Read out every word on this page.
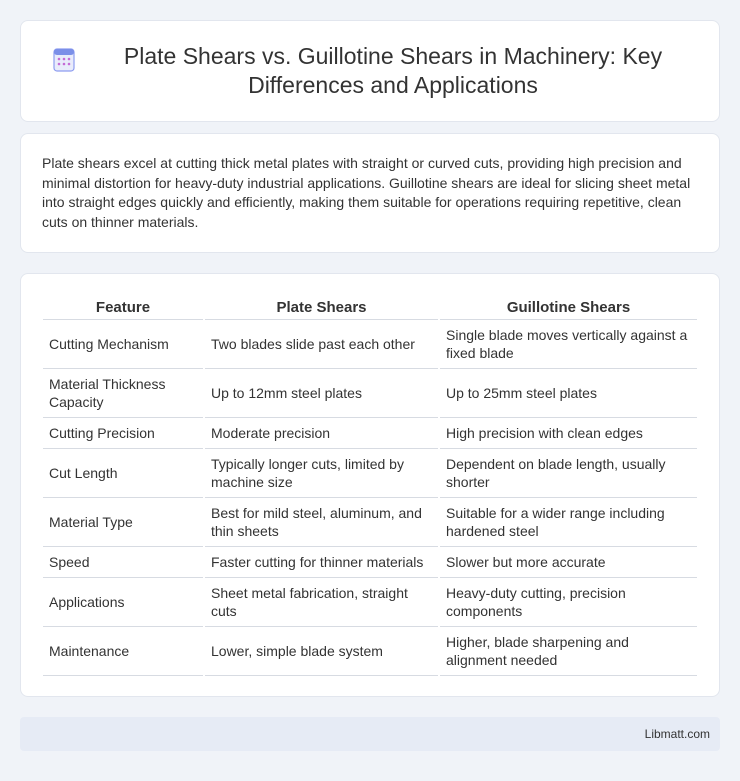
Plate Shears vs. Guillotine Shears in Machinery: Key Differences and Applications

Plate shears excel at cutting thick metal plates with straight or curved cuts, providing high precision and minimal distortion for heavy-duty industrial applications. Guillotine shears are ideal for slicing sheet metal into straight edges quickly and efficiently, making them suitable for operations requiring repetitive, clean cuts on thinner materials.

Feature	Plate Shears	Guillotine Shears
Cutting Mechanism	Two blades slide past each other	Single blade moves vertically against a fixed blade
Material Thickness Capacity	Up to 12mm steel plates	Up to 25mm steel plates
Cutting Precision	Moderate precision	High precision with clean edges
Cut Length	Typically longer cuts, limited by machine size	Dependent on blade length, usually shorter
Material Type	Best for mild steel, aluminum, and thin sheets	Suitable for a wider range including hardened steel
Speed	Faster cutting for thinner materials	Slower but more accurate
Applications	Sheet metal fabrication, straight cuts	Heavy-duty cutting, precision components
Maintenance	Lower, simple blade system	Higher, blade sharpening and alignment needed
Libmatt.com
